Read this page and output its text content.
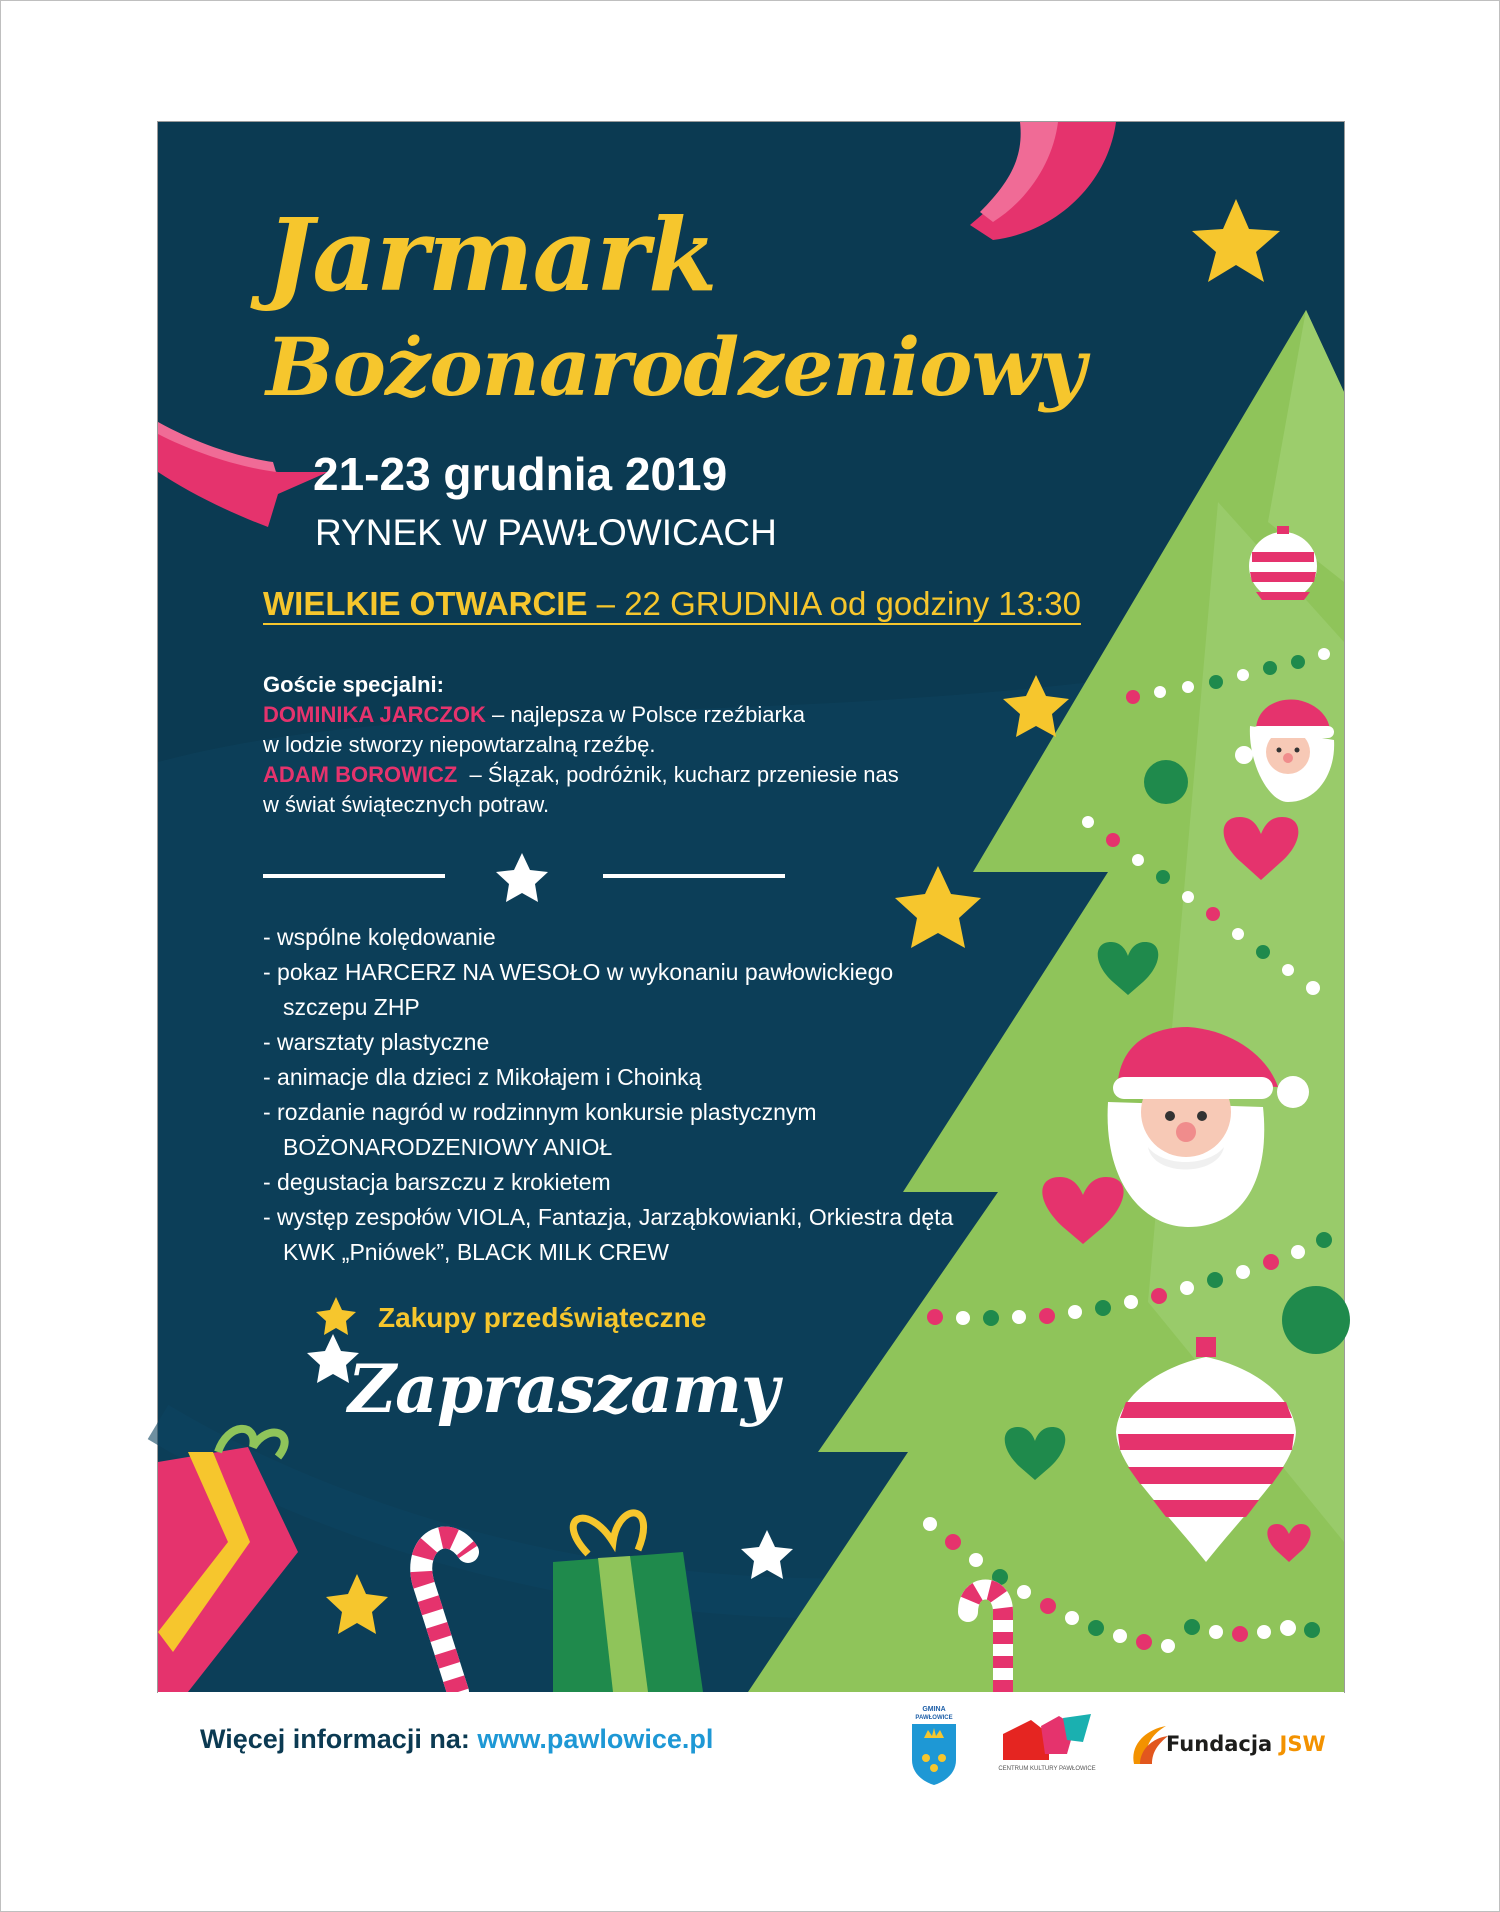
Jarmark
Bożonarodzeniowy
21-23 grudnia 2019
RYNEK W PAWŁOWICACH
WIELKIE OTWARCIE – 22 GRUDNIA od godziny 13:30
Goście specjalni:
DOMINIKA JARCZOK – najlepsza w Polsce rzeźbiarka
w lodzie stworzy niepowtarzalną rzeźbę.
ADAM BOROWICZ  – Ślązak, podróżnik, kucharz przeniesie nas
w świat świątecznych potraw.
- wspólne kolędowanie
- pokaz HARCERZ NA WESOŁO w wykonaniu pawłowickiego szczepu ZHP
- warsztaty plastyczne
- animacje dla dzieci z Mikołajem i Choinką
- rozdanie nagród w rodzinnym konkursie plastycznym BOŻONARODZENIOWY ANIOŁ
- degustacja barszczu z krokietem
- występ zespołów VIOLA, Fantazja, Jarząbkowianki, Orkiestra dęta KWK „Pniówek”, BLACK MILK CREW
Zakupy przedświąteczne
Zapraszamy
Więcej informacji na: www.pawlowice.pl
GMINA
PAWŁOWICE
CENTRUM KULTURY PAWŁOWICE
Fundacja JSW
